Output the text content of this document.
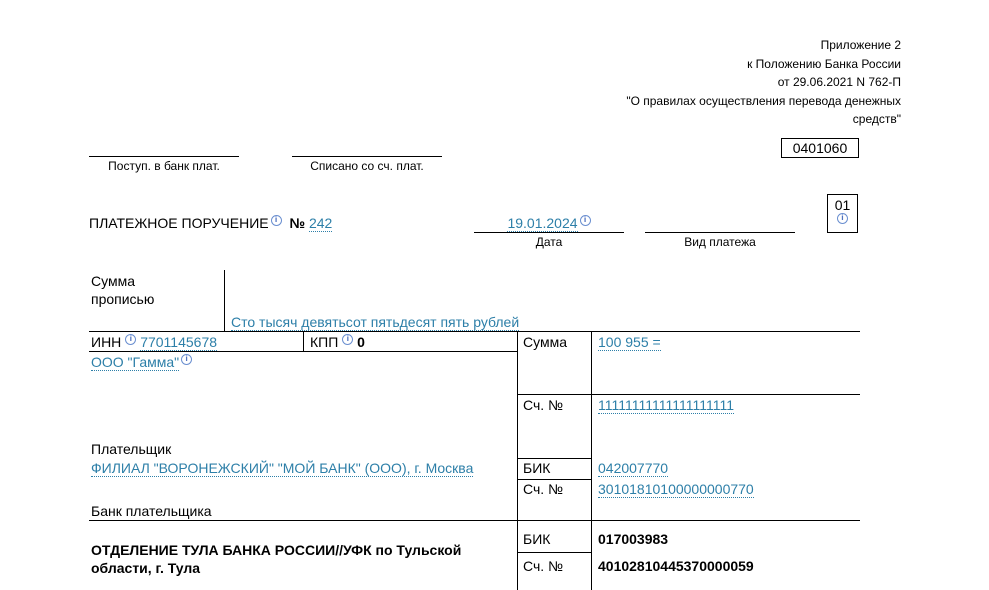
Приложение 2
к Положению Банка России
от 29.06.2021 N 762-П
"О правилах осуществления перевода денежных
средств"
0401060
Поступ. в банк плат.	Списано со сч. плат.
ПЛАТЕЖНОЕ ПОРУЧЕНИЕ i № 242	19.01.2024 i
Дата	Вид платежа
01
i
Сумма
прописью
Сто тысяч девятьсот пятьдесят пять рублей
ИНН i 7701145678	КПП i 0
ООО "Гамма" i
Плательщик
Сумма 100 955 =
Сч. № 11111111111111111111
ФИЛИАЛ "ВОРОНЕЖСКИЙ" "МОЙ БАНК" (ООО), г. Москва	БИК	042007770
Сч. № 30101810100000000770
Банк плательщика
ОТДЕЛЕНИЕ ТУЛА БАНКА РОССИИ//УФК по Тульской
области, г. Тула
БИК	017003983
Сч. № 40102810445370000059
